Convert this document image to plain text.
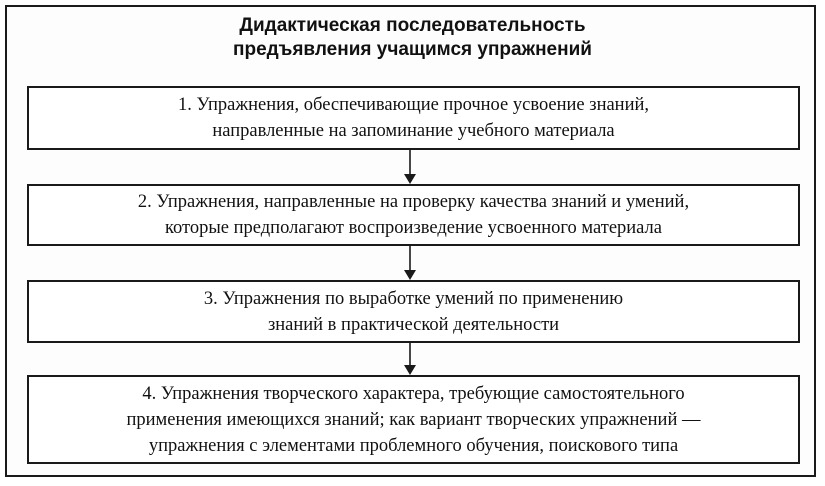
Дидактическая последовательность
предъявления учащимся упражнений
1. Упражнения, обеспечивающие прочное усвоение знаний,
направленные на запоминание учебного материала
2. Упражнения, направленные на проверку качества знаний и умений,
которые предполагают воспроизведение усвоенного материала
3. Упражнения по выработке умений по применению
знаний в практической деятельности
4. Упражнения творческого характера, требующие самостоятельного
применения имеющихся знаний; как вариант творческих упражнений —
упражнения с элементами проблемного обучения, поискового типа
